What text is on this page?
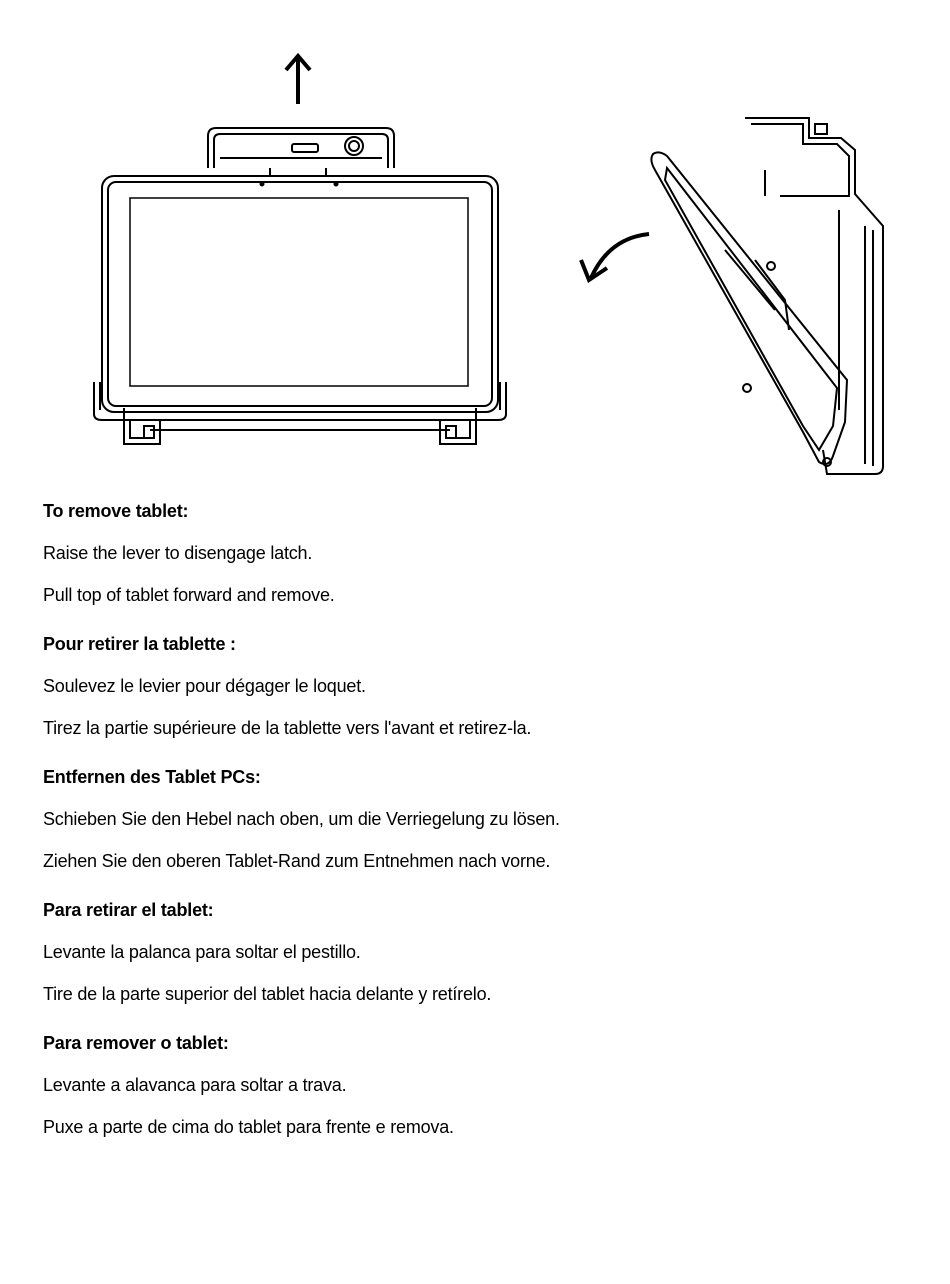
To remove tablet:

Raise the lever to disengage latch.

Pull top of tablet forward and remove.

Pour retirer la tablette :

Soulevez le levier pour dégager le loquet.

Tirez la partie supérieure de la tablette vers l'avant et retirez-la.

Entfernen des Tablet PCs:

Schieben Sie den Hebel nach oben, um die Verriegelung zu lösen.

Ziehen Sie den oberen Tablet-Rand zum Entnehmen nach vorne.

Para retirar el tablet:

Levante la palanca para soltar el pestillo.

Tire de la parte superior del tablet hacia delante y retírelo.

Para remover o tablet:

Levante a alavanca para soltar a trava.

Puxe a parte de cima do tablet para frente e remova.
